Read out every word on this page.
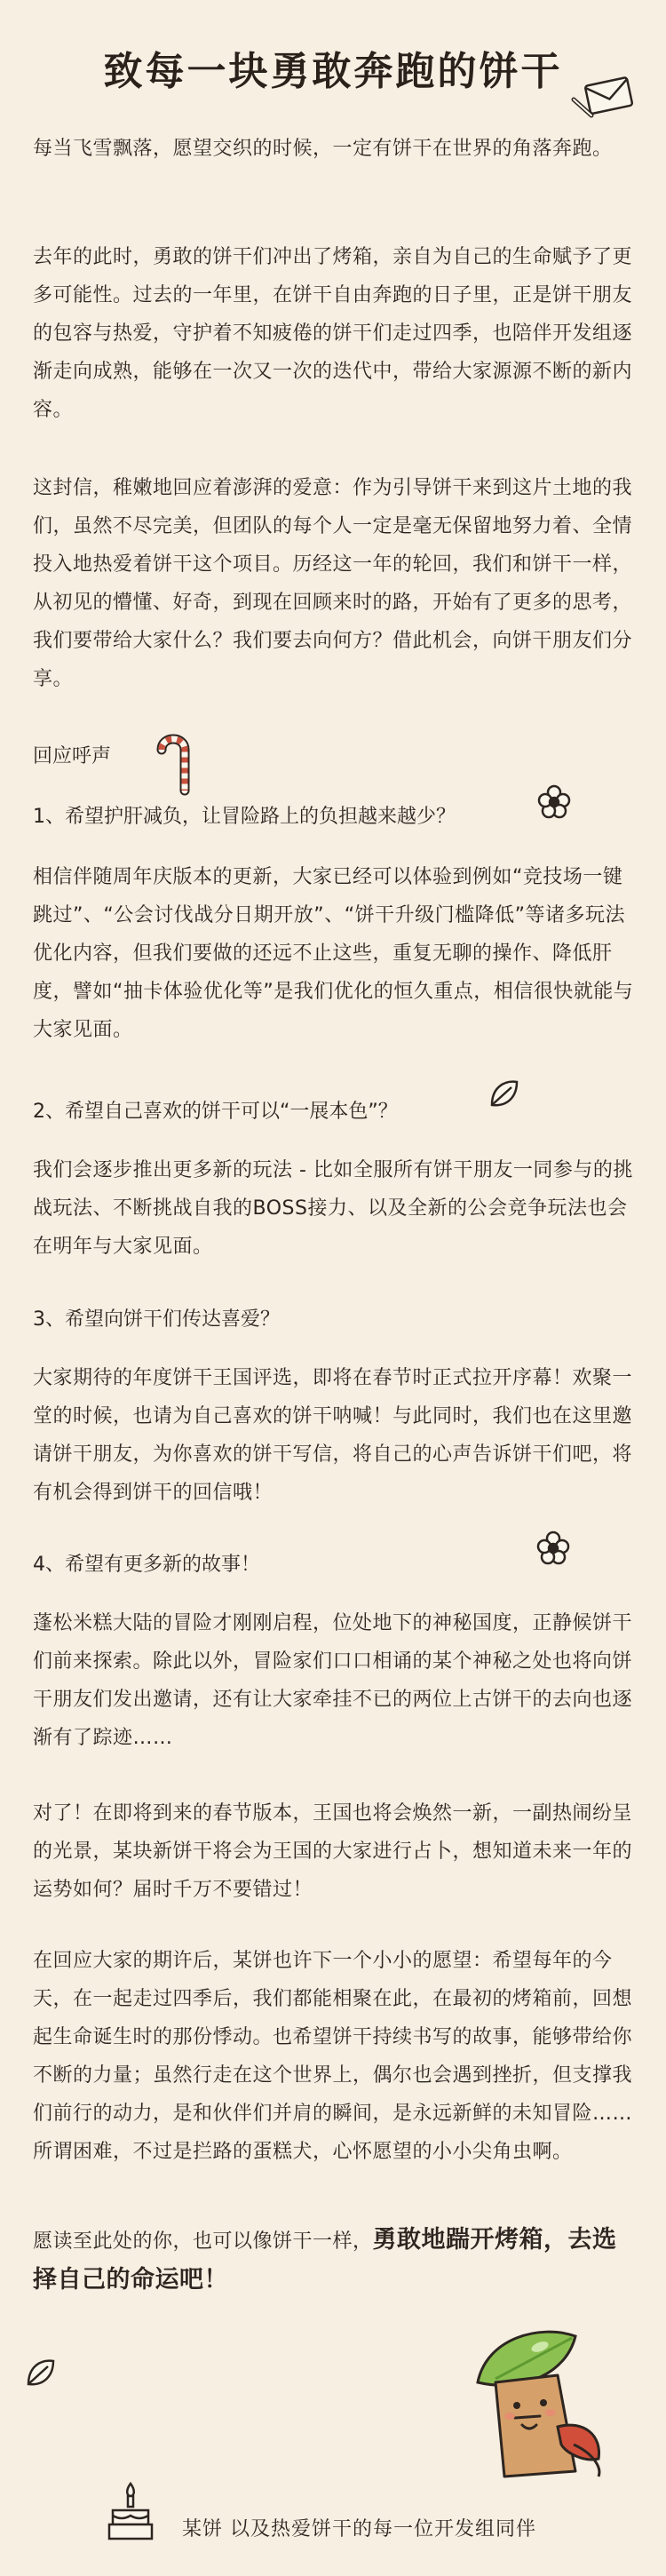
致每一块勇敢奔跑的饼干
每当飞雪飘落，愿望交织的时候，一定有饼干在世界的角落奔跑。
去年的此时，勇敢的饼干们冲出了烤箱，亲自为自己的生命赋予了更多可能性。过去的一年里，在饼干自由奔跑的日子里，正是饼干朋友的包容与热爱，守护着不知疲倦的饼干们走过四季，也陪伴开发组逐渐走向成熟，能够在一次又一次的迭代中，带给大家源源不断的新内容。
这封信，稚嫩地回应着澎湃的爱意：作为引导饼干来到这片土地的我们，虽然不尽完美，但团队的每个人一定是毫无保留地努力着、全情投入地热爱着饼干这个项目。历经这一年的轮回，我们和饼干一样，从初见的懵懂、好奇，到现在回顾来时的路，开始有了更多的思考，我们要带给大家什么？我们要去向何方？借此机会，向饼干朋友们分享。
回应呼声
1、希望护肝减负，让冒险路上的负担越来越少？
相信伴随周年庆版本的更新，大家已经可以体验到例如“竞技场一键跳过”、“公会讨伐战分日期开放”、“饼干升级门槛降低”等诸多玩法优化内容，但我们要做的还远不止这些，重复无聊的操作、降低肝度，譬如“抽卡体验优化等”是我们优化的恒久重点，相信很快就能与大家见面。
2、希望自己喜欢的饼干可以“一展本色”？
我们会逐步推出更多新的玩法 - 比如全服所有饼干朋友一同参与的挑战玩法、不断挑战自我的BOSS接力、以及全新的公会竞争玩法也会在明年与大家见面。
3、希望向饼干们传达喜爱？
大家期待的年度饼干王国评选，即将在春节时正式拉开序幕！欢聚一堂的时候，也请为自己喜欢的饼干呐喊！与此同时，我们也在这里邀请饼干朋友，为你喜欢的饼干写信，将自己的心声告诉饼干们吧，将有机会得到饼干的回信哦！
4、希望有更多新的故事！
蓬松米糕大陆的冒险才刚刚启程，位处地下的神秘国度，正静候饼干们前来探索。除此以外，冒险家们口口相诵的某个神秘之处也将向饼干朋友们发出邀请，还有让大家牵挂不已的两位上古饼干的去向也逐渐有了踪迹……
对了！在即将到来的春节版本，王国也将会焕然一新，一副热闹纷呈的光景，某块新饼干将会为王国的大家进行占卜，想知道未来一年的运势如何？届时千万不要错过！
在回应大家的期许后，某饼也许下一个小小的愿望：希望每年的今天，在一起走过四季后，我们都能相聚在此，在最初的烤箱前，回想起生命诞生时的那份悸动。也希望饼干持续书写的故事，能够带给你不断的力量；虽然行走在这个世界上，偶尔也会遇到挫折，但支撑我们前行的动力，是和伙伴们并肩的瞬间，是永远新鲜的未知冒险……所谓困难，不过是拦路的蛋糕犬，心怀愿望的小小尖角虫啊。
愿读至此处的你，也可以像饼干一样，勇敢地踹开烤箱，去选择自己的命运吧！
某饼 以及热爱饼干的每一位开发组同伴
